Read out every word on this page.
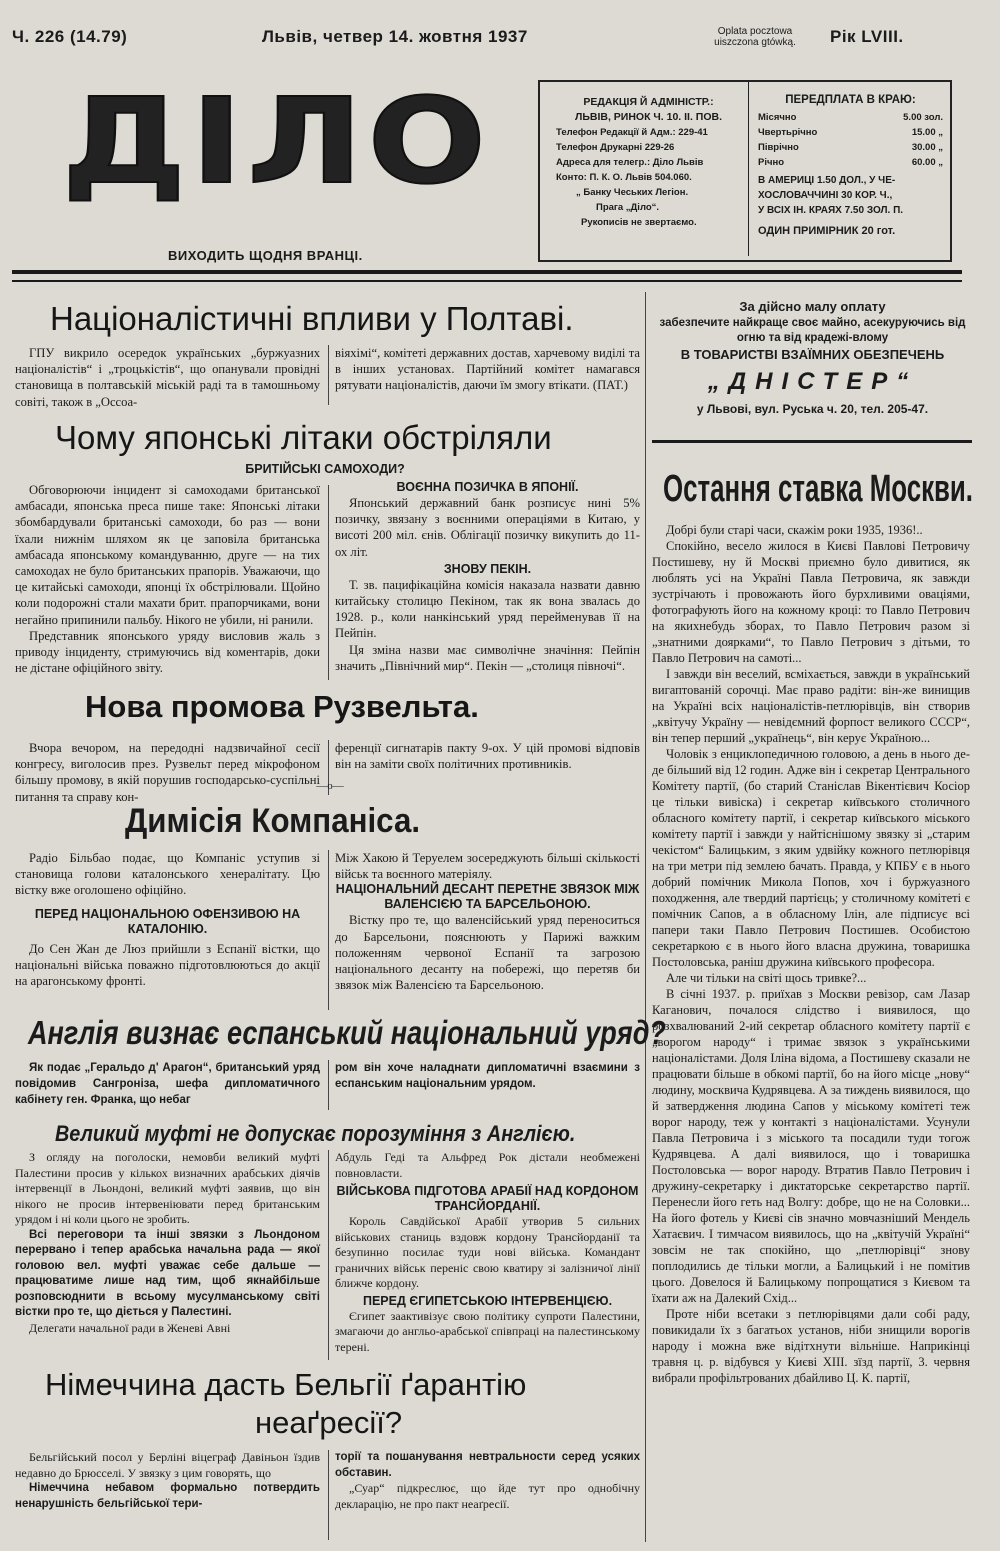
Ч. 226 (14.79)	Львів, четвер 14. жовтня 1937	Oplata pocztowa
uiszczona gtówką.	Рік LVIII.
ДІЛО
ВИХОДИТЬ ЩОДНЯ ВРАНЦІ.
РЕДАКЦІЯ Й АДМІНІСТР.:
ЛЬВІВ, РИНОК Ч. 10. II. ПОВ.
Телефон Редакції й Адм.: 229-41
Телефон Друкарні 229-26
Адреса для телегр.: Діло Львів
Конто: П. К. О. Львів 504.060.
„ Банку Чеських Легіон.
Прага „Діло“.
Рукописів не звертаємо.
ПЕРЕДПЛАТА В КРАЮ:
Місячно	5.00 зол.
Чвертьрічно	15.00 „
Піврічно	30.00 „
Річно	60.00 „
В АМЕРИЦІ 1.50 ДОЛ., У ЧЕ-
ХОСЛОВАЧЧИНІ 30 КОР. Ч.,
У ВСІХ ІН. КРАЯХ 7.50 ЗОЛ. П.
ОДИН ПРИМІРНИК 20 гот.
Націоналістичні впливи у Полтаві.

ГПУ викрило осередок українських „буржуазних націоналістів“ і „троцькістів“, що опанували провідні становища в полтавській міській раді та в тамошньому совіті, також в „Оссоа-

віяхімі“, комітеті державних достав, харчевому виділі та в інших установах. Партійний комітет намагався рятувати націоналістів, даючи їм змогу втікати. (ПАТ.)

Чому японські літаки обстріляли
БРИТІЙСЬКІ САМОХОДИ?

Обговорюючи інцидент зі самоходами британської амбасади, японська преса пише таке: Японські літаки збомбардували британські самоходи, бо раз — вони їхали нижнім шляхом як це заповіла британська амбасада японському командуванню, друге — на тих самоходах не було британських прапорів. Уважаючи, що це китайські самоходи, японці їх обстрілювали. Щойно коли подорожні стали махати брит. прапорчиками, вони негайно припинили пальбу. Нікого не убили, ні ранили.

Представник японського уряду висловив жаль з приводу інциденту, стримуючись від коментарів, доки не дістане офіційного звіту.

ВОЄННА ПОЗИЧКА В ЯПОНІЇ.

Японський державний банк розписує нині 5% позичку, звязану з воєнними операціями в Китаю, у висоті 200 міл. єнів. Облігації позичку викупить до 11-ох літ.

ЗНОВУ ПЕКІН.

Т. зв. пацифікаційна комісія наказала назвати давню китайську столицю Пекіном, так як вона звалась до 1928. р., коли нанкінський уряд перейменував її на Пейпін.

Ця зміна назви має символічне значіння: Пейпін значить „Північний мир“. Пекін — „столиця півночі“.

Нова промова Рузвельта.

Вчора вечором, на передодні надзвичайної сесії конгресу, виголосив през. Рузвельт перед мікрофоном більшу промову, в якій порушив господарсько-суспільні питання та справу кон-

ференції сигнатарів пакту 9-ох. У цій промові відповів він на заміти своїх політичних противників.

—o—
Димісія Компаніса.

Радіо Більбао подає, що Компаніс уступив зі становища голови каталонського хенералітату. Цю вістку вже оголошено офіційно.

ПЕРЕД НАЦІОНАЛЬНОЮ ОФЕНЗИВОЮ НА КАТАЛОНІЮ.

До Сен Жан де Люз прийшли з Еспанії вістки, що національні війська поважно підготовлюються до акції на арагонському фронті.

Між Хакою й Теруелем зосереджують більші скількості військ та воєнного матеріялу.

НАЦІОНАЛЬНИЙ ДЕСАНТ ПЕРЕТНЕ ЗВЯЗОК МІЖ ВАЛЕНСІЄЮ ТА БАРСЕЛЬОНОЮ.

Вістку про те, що валенсійський уряд переноситься до Барсельони, пояснюють у Парижі важким положенням червоної Еспанії та загрозою національного десанту на побережі, що перетяв би звязок між Валенсією та Барсельоною.

Англія визнає еспанський національний уряд?

Як подає „Геральдо д' Арагон“, британський уряд повідомив Сангроніза, шефа дипломатичного кабінету ген. Франка, що небаг

ром він хоче наладнати дипломатичні взаємини з еспанським національним урядом.

Великий муфті не допускає порозуміння з Англією.

З огляду на поголоски, немовби великий муфті Палестини просив у кількох визначних арабських діячів інтервенції в Льондоні, великий муфті заявив, що він нікого не просив інтервеніювати перед британським урядом і ні коли цього не зробить.

Всі переговори та інші звязки з Льондоном перервано і тепер арабська начальна рада — якої головою вел. муфті уважає себе дальше — працюватиме лише над тим, щоб якнайбільше розповсюднити в всьому мусулманському світі вістки про те, що діється у Палестині.

Делегати начальної ради в Женеві Авні

Абдуль Геді та Альфред Рок дістали необмежені повновласти.

ВІЙСЬКОВА ПІДГОТОВА АРАБІЇ НАД КОРДОНОМ ТРАНСЙОРДАНІЇ.

Король Савдійської Арабії утворив 5 сильних військових станиць вздовж кордону Трансйорданії та безупинно посилає туди нові війська. Командант граничних військ переніс свою кватиру зі залізничої лінії ближче кордону.

ПЕРЕД ЄГИПЕТСЬКОЮ ІНТЕРВЕНЦІЄЮ.

Єгипет заактивізує свою політику супроти Палестини, змагаючи до англьо-арабської співпраці на палестинському терені.

Німеччина дасть Бельгії ґарантію
неаґресії?

Бельгійський посол у Берліні віцеграф Давіньон їздив недавно до Брюсселі. У звязку з цим говорять, що

Німеччина небавом формально потвердить ненарушність бельгійської тери-

торії та пошанування невтральности серед усяких обставин.

„Суар“ підкреслює, що йде тут про однобічну декларацію, не про пакт неаґресії.

За дійсно малу оплату
забезпечите найкраще своє майно, асекуруючись від огню та від крадежі-влому
В ТОВАРИСТВІ ВЗАЇМНИХ ОБЕЗПЕЧЕНЬ
„ДНІСТЕР“
у Львові, вул. Руська ч. 20, тел. 205-47.
Остання ставка Москви.

Добрі були старі часи, скажім роки 1935, 1936!..

Спокійно, весело жилося в Києві Павлові Петровичу Постишеву, ну й Москві приємно було дивитися, як люблять усі на Україні Павла Петровича, як завжди зустрічають і провожають його бурхливими оваціями, фотографують його на кожному кроці: то Павло Петрович на якихнебудь зборах, то Павло Петрович разом зі „знатними доярками“, то Павло Петрович з дітьми, то Павло Петрович на самоті...

І завжди він веселий, всміхається, завжди в український вигаптованій сорочці. Має право радіти: він-же винищив на Україні всіх націоналістів-петлюрівців, він створив „квітучу Україну — невідємний форпост великого СССР“, він тепер перший „українець“, він керує Україною...

Чоловік з енциклопедичною головою, а день в нього де-де більший від 12 годин. Адже він і секретар Центрального Комітету партії, (бо старий Станіслав Вікентієвич Косіор це тільки вивіска) і секретар київського столичного обласного комітету партії, і секретар київського міського комітету партії і завжди у найтіснішому звязку зі „старим чекістом“ Балицьким, з яким удвійку кожного петлюрівця на три метри під землею бачать. Правда, у КПБУ є в нього добрий помічник Микола Попов, хоч і буржуазного походження, але твердий партієць; у столичному комітеті є помічник Сапов, а в обласному Ілін, але підписує всі папери таки Павло Петрович Постишев. Особистою секретаркою є в нього його власна дружина, товаришка Постоловська, раніш дружина київського професора.

Але чи тільки на світі щось тривке?...

В січні 1937. р. приїхав з Москви ревізор, сам Лазар Каганович, почалося слідство і виявилося, що розхвалюваний 2-ий секретар обласного комітету партії є „ворогом народу“ і тримає звязок з українськими націоналістами. Доля Іліна відома, а Постишеву сказали не працювати більше в обкомі партії, бо на його місце „нову“ людину, москвича Кудрявцева. А за тиждень виявилося, що й затвердження людина Сапов у міському комітеті теж ворог народу, теж у контакті з націоналістами. Усунули Павла Петровича і з міського та посадили туди тогож Кудрявцева. А далі виявилося, що і товаришка Постоловська — ворог народу. Втратив Павло Петрович і дружину-секретарку і диктаторське секретарство партії. Перенесли його геть над Волгу: добре, що не на Соловки... На його фотель у Києві сів значно мовчазніший Мендель Хатаєвич. І тимчасом виявилось, що на „квітучій Україні“ зовсім не так спокійно, що „петлюрівці“ знову поплодились де тільки могли, а Балицький і не помітив цього. Довелося й Балицькому попрощатися з Києвом та їхати аж на Далекий Схід...

Проте ніби всетаки з петлюрівцями дали собі раду, повикидали їх з багатьох установ, ніби знищили ворогів народу і можна вже відітхнути вільніше. Наприкінці травня ц. р. відбувся у Києві XIII. зїзд партії, 3. червня вибрали профільтрованих дбайливо Ц. К. партії,
